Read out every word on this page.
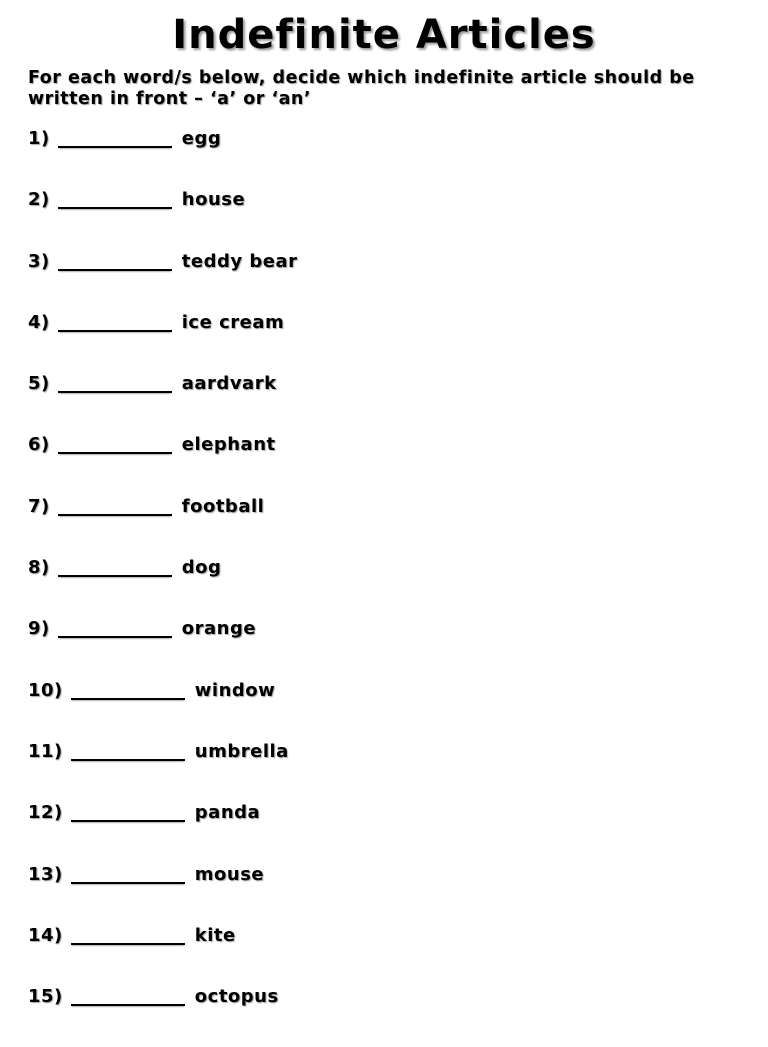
Indefinite Articles

For each word/s below, decide which indefinite article should be written in front – ‘a’ or ‘an’

1)	egg
2)	house
3)	teddy bear
4)	ice cream
5)	aardvark
6)	elephant
7)	football
8)	dog
9)	orange
10)	window
11)	umbrella
12)	panda
13)	mouse
14)	kite
15)	octopus
